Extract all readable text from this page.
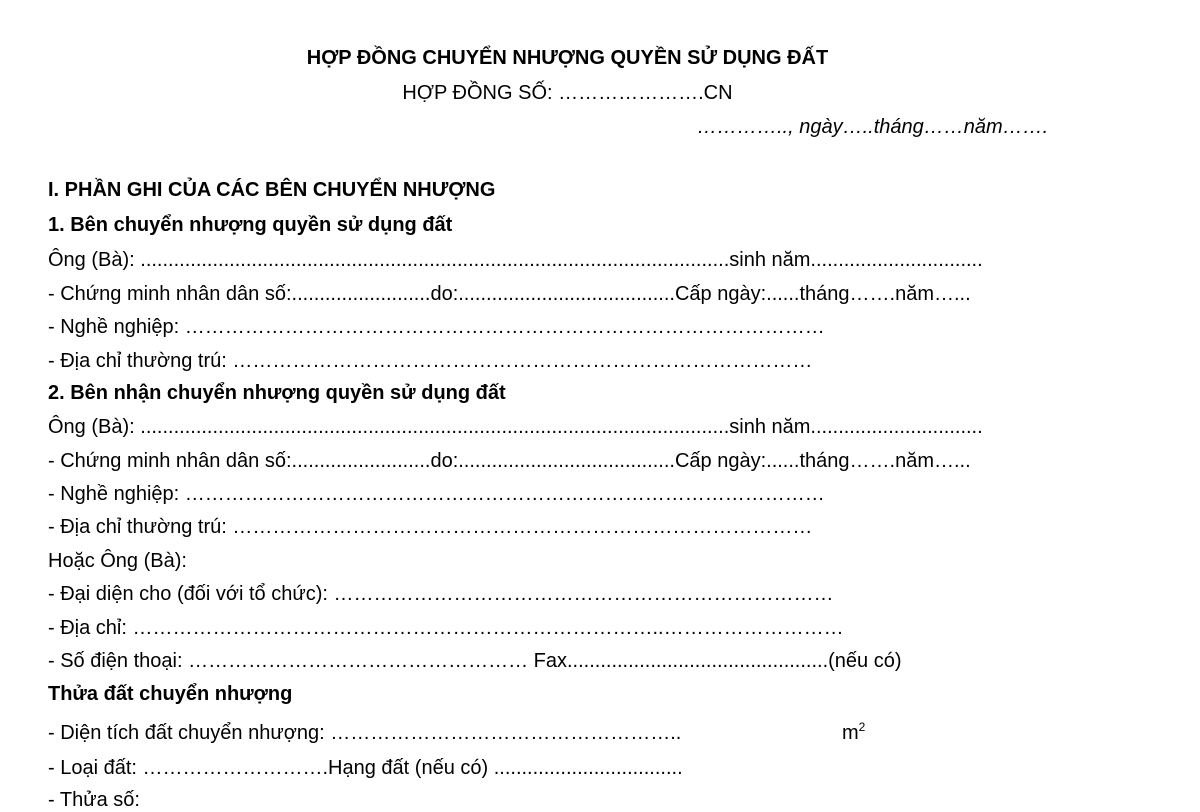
HỢP ĐỒNG CHUYỂN NHƯỢNG QUYỀN SỬ DỤNG ĐẤT
HỢP ĐỒNG SỐ: ………………….CN
………….., ngày…..tháng……năm…….
I. PHẦN GHI CỦA CÁC BÊN CHUYỂN NHƯỢNG
1. Bên chuyển nhượng quyền sử dụng đất
Ông (Bà): ..........................................................................................................sinh năm...............................
- Chứng minh nhân dân số:.........................do:.......................................Cấp ngày:......tháng…….năm…...
- Nghề nghiệp: ……………………………………………………………………………………
- Địa chỉ thường trú: ……………………………………………………………………………
2. Bên nhận chuyển nhượng quyền sử dụng đất
Ông (Bà): ..........................................................................................................sinh năm...............................
- Chứng minh nhân dân số:.........................do:.......................................Cấp ngày:......tháng…….năm…...
- Nghề nghiệp: ……………………………………………………………………………………
- Địa chỉ thường trú: ……………………………………………………………………………
Hoặc Ông (Bà):
- Đại diện cho (đối với tổ chức): …………………………………………………………………
- Địa chỉ: ……………………………………………………………………..………………………
- Số điện thoại: …………………………………………… Fax...............................................(nếu có)
Thửa đất chuyển nhượng
- Diện tích đất chuyển nhượng: ……………………………………………..	$m^2$
- Loại đất: ……………………….Hạng đất (nếu có) ..................................
- Thửa số:
